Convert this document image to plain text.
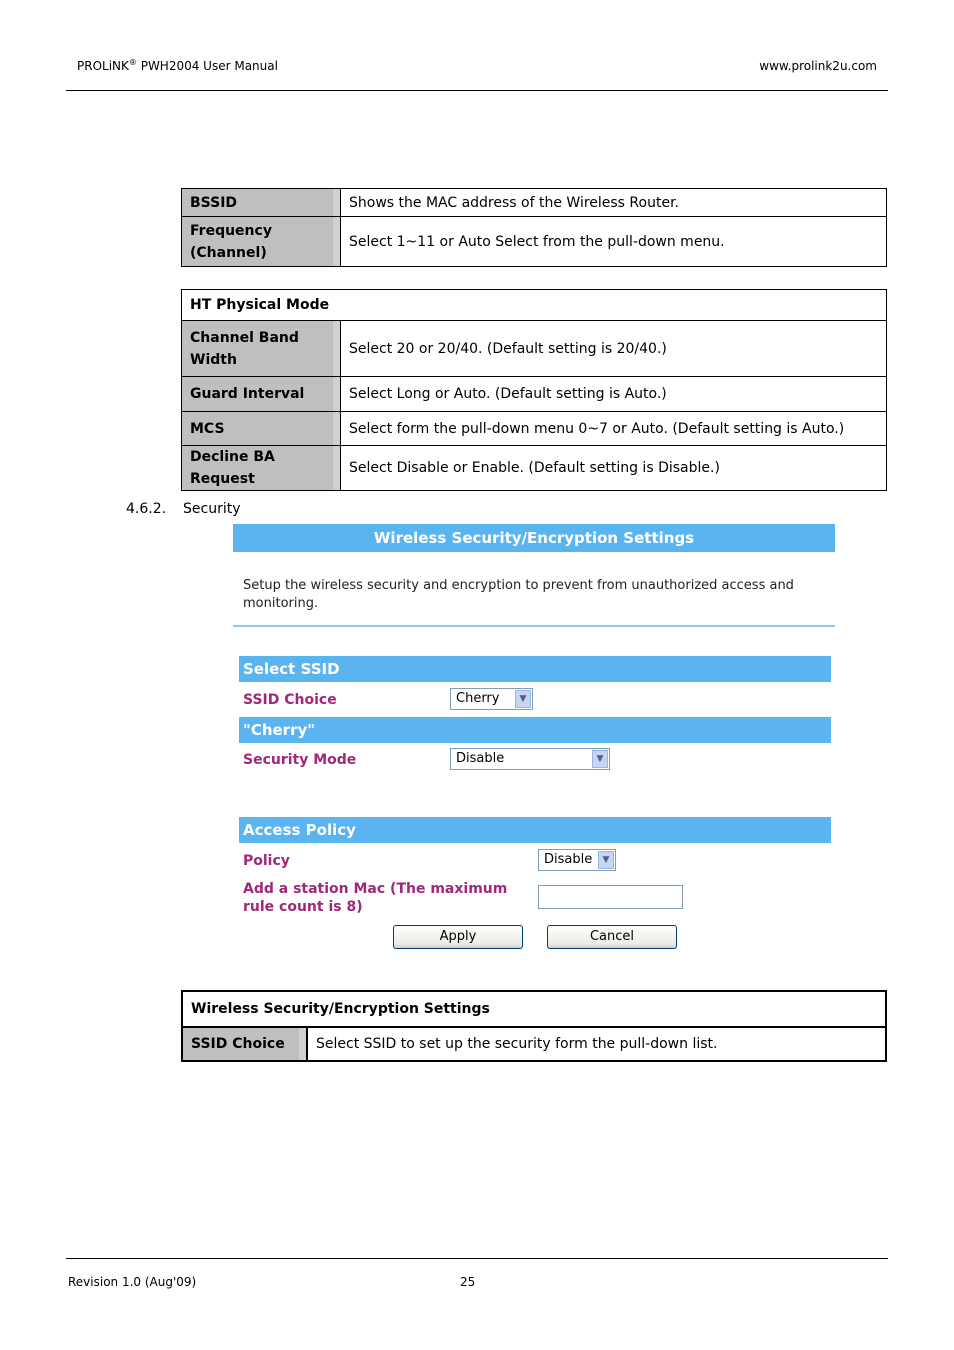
PROLiNK® PWH2004 User Manual	www.prolink2u.com
BSSID	Shows the MAC address of the Wireless Router.
Frequency (Channel)	Select 1~11 or Auto Select from the pull-down menu.
HT Physical Mode	
Channel Band Width	Select 20 or 20/40. (Default setting is 20/40.)
Guard Interval	Select Long or Auto. (Default setting is Auto.)
MCS	Select form the pull-down menu 0~7 or Auto. (Default setting is Auto.)
Decline BA Request	Select Disable or Enable. (Default setting is Disable.)
4.6.2. Security
Wireless Security/Encryption Settings
Setup the wireless security and encryption to prevent from unauthorized access and monitoring.
Select SSID
SSID Choice	Cherry	▼
"Cherry"
Security Mode	Disable	▼
Access Policy
Policy	Disable	▼
Add a station Mac (The maximum rule count is 8)
Apply	Cancel
Wireless Security/Encryption Settings
SSID Choice	Select SSID to set up the security form the pull-down list.
Revision 1.0 (Aug'09)	25
